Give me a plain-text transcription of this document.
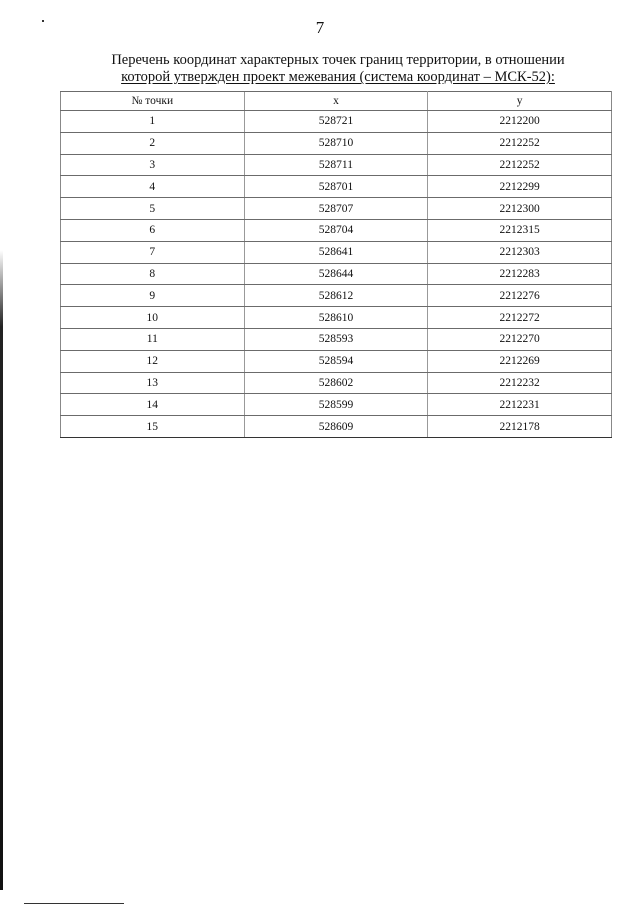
7
Перечень координат характерных точек границ территории, в отношении
которой утвержден проект межевания (система координат – МСК-52):
№ точки	x	y
1	528721	2212200
2	528710	2212252
3	528711	2212252
4	528701	2212299
5	528707	2212300
6	528704	2212315
7	528641	2212303
8	528644	2212283
9	528612	2212276
10	528610	2212272
11	528593	2212270
12	528594	2212269
13	528602	2212232
14	528599	2212231
15	528609	2212178
